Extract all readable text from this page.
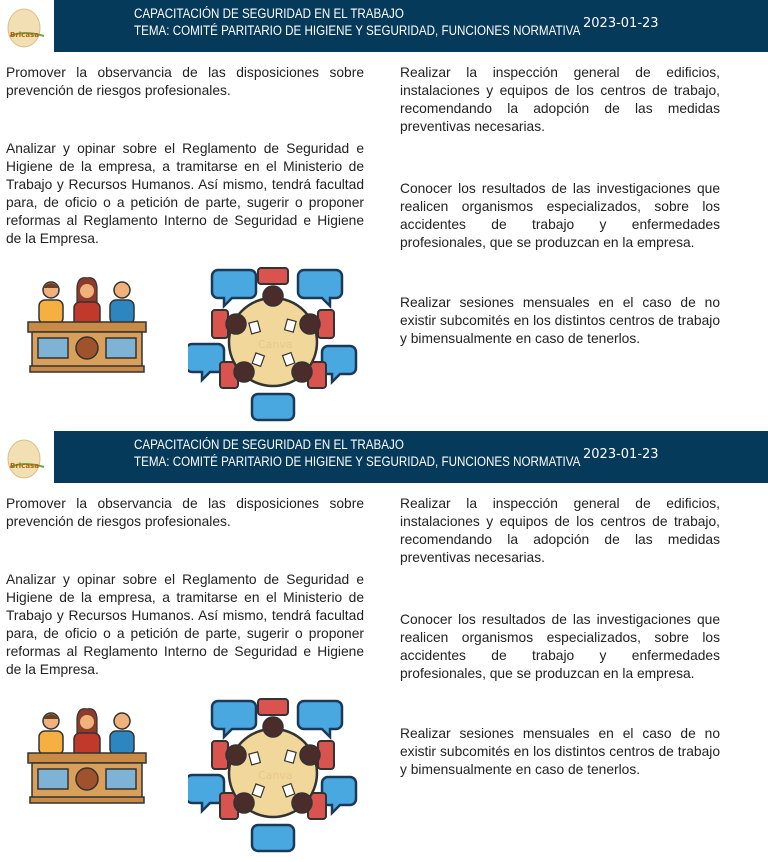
Bricasa
CAPACITACIÓN DE SEGURIDAD EN EL TRABAJO
TEMA: COMITÉ PARITARIO DE HIGIENE Y SEGURIDAD, FUNCIONES NORMATIVA 2023-01-23
Promover la observancia de las disposiciones sobre prevención de riesgos profesionales.
Analizar y opinar sobre el Reglamento de Seguridad e Higiene de la empresa, a tramitarse en el Ministerio de Trabajo y Recursos Humanos. Así mismo, tendrá facultad para, de oficio o a petición de parte, sugerir o proponer reformas al Reglamento Interno de Seguridad e Higiene de la Empresa.
Realizar la inspección general de edificios, instalaciones y equipos de los centros de trabajo, recomendando la adopción de las medidas preventivas necesarias.
Conocer los resultados de las investigaciones que realicen organismos especializados, sobre los accidentes de trabajo y enfermedades profesionales, que se produzcan en la empresa.
Realizar sesiones mensuales en el caso de no existir subcomités en los distintos centros de trabajo y bimensualmente en caso de tenerlos.
Canva
Bricasa
CAPACITACIÓN DE SEGURIDAD EN EL TRABAJO
TEMA: COMITÉ PARITARIO DE HIGIENE Y SEGURIDAD, FUNCIONES NORMATIVA 2023-01-23
Promover la observancia de las disposiciones sobre prevención de riesgos profesionales.
Analizar y opinar sobre el Reglamento de Seguridad e Higiene de la empresa, a tramitarse en el Ministerio de Trabajo y Recursos Humanos. Así mismo, tendrá facultad para, de oficio o a petición de parte, sugerir o proponer reformas al Reglamento Interno de Seguridad e Higiene de la Empresa.
Realizar la inspección general de edificios, instalaciones y equipos de los centros de trabajo, recomendando la adopción de las medidas preventivas necesarias.
Conocer los resultados de las investigaciones que realicen organismos especializados, sobre los accidentes de trabajo y enfermedades profesionales, que se produzcan en la empresa.
Realizar sesiones mensuales en el caso de no existir subcomités en los distintos centros de trabajo y bimensualmente en caso de tenerlos.
Canva
